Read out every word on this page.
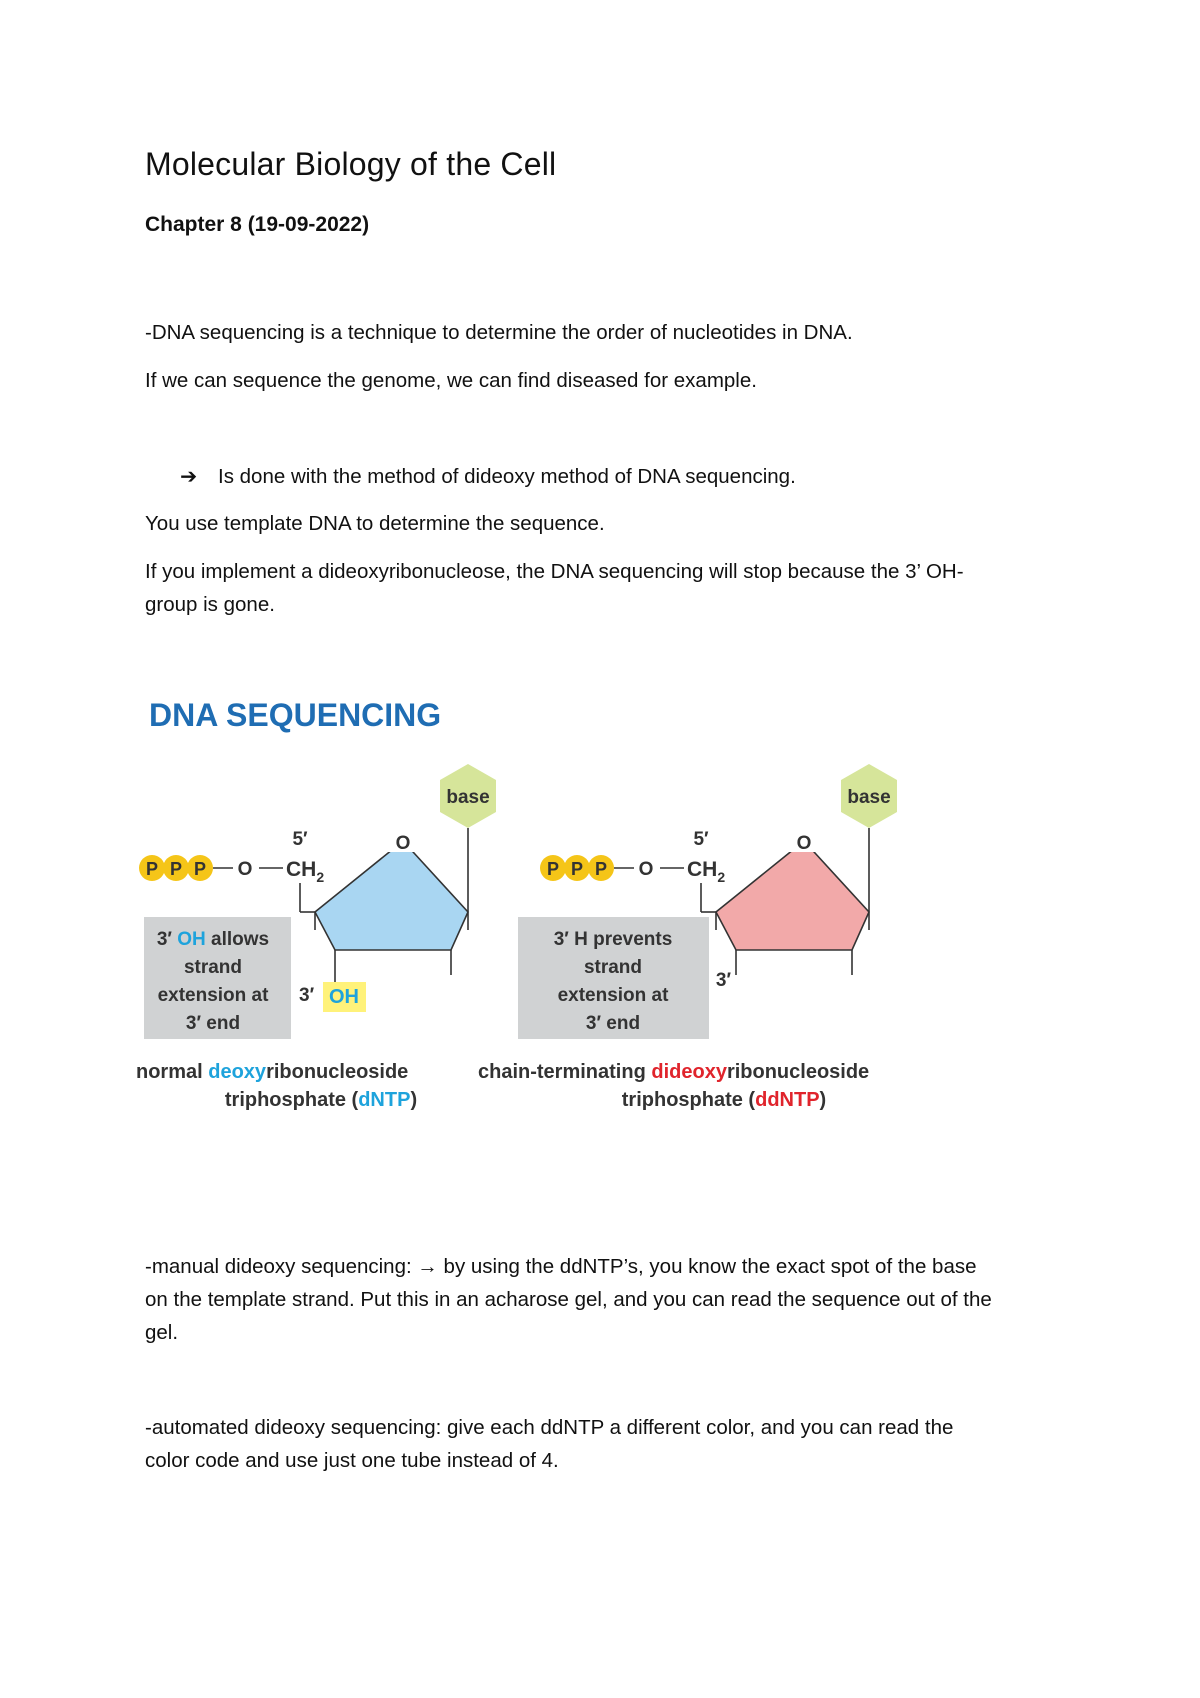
Molecular Biology of the Cell
Chapter 8 (19-09-2022)

-DNA sequencing is a technique to determine the order of nucleotides in DNA.

If we can sequence the genome, we can find diseased for example.

➔ Is done with the method of dideoxy method of DNA sequencing.

You use template DNA to determine the sequence.

If you implement a dideoxyribonucleose, the DNA sequencing will stop because the 3’ OH-

group is gone.

DNA SEQUENCING
base
O
P P P O $CH_2$
5′
3′ OH allows
strand
extension at
3′ end
3′ OH
normal deoxyribonucleoside
triphosphate (dNTP)
base
O
P P P O $CH_2$
5′
3′ H prevents
strand
extension at
3′ end
3′
chain-terminating dideoxyribonucleoside
triphosphate (ddNTP)

-manual dideoxy sequencing: → by using the ddNTP’s, you know the exact spot of the base

on the template strand. Put this in an acharose gel, and you can read the sequence out of the

gel.

-automated dideoxy sequencing: give each ddNTP a different color, and you can read the

color code and use just one tube instead of 4.
